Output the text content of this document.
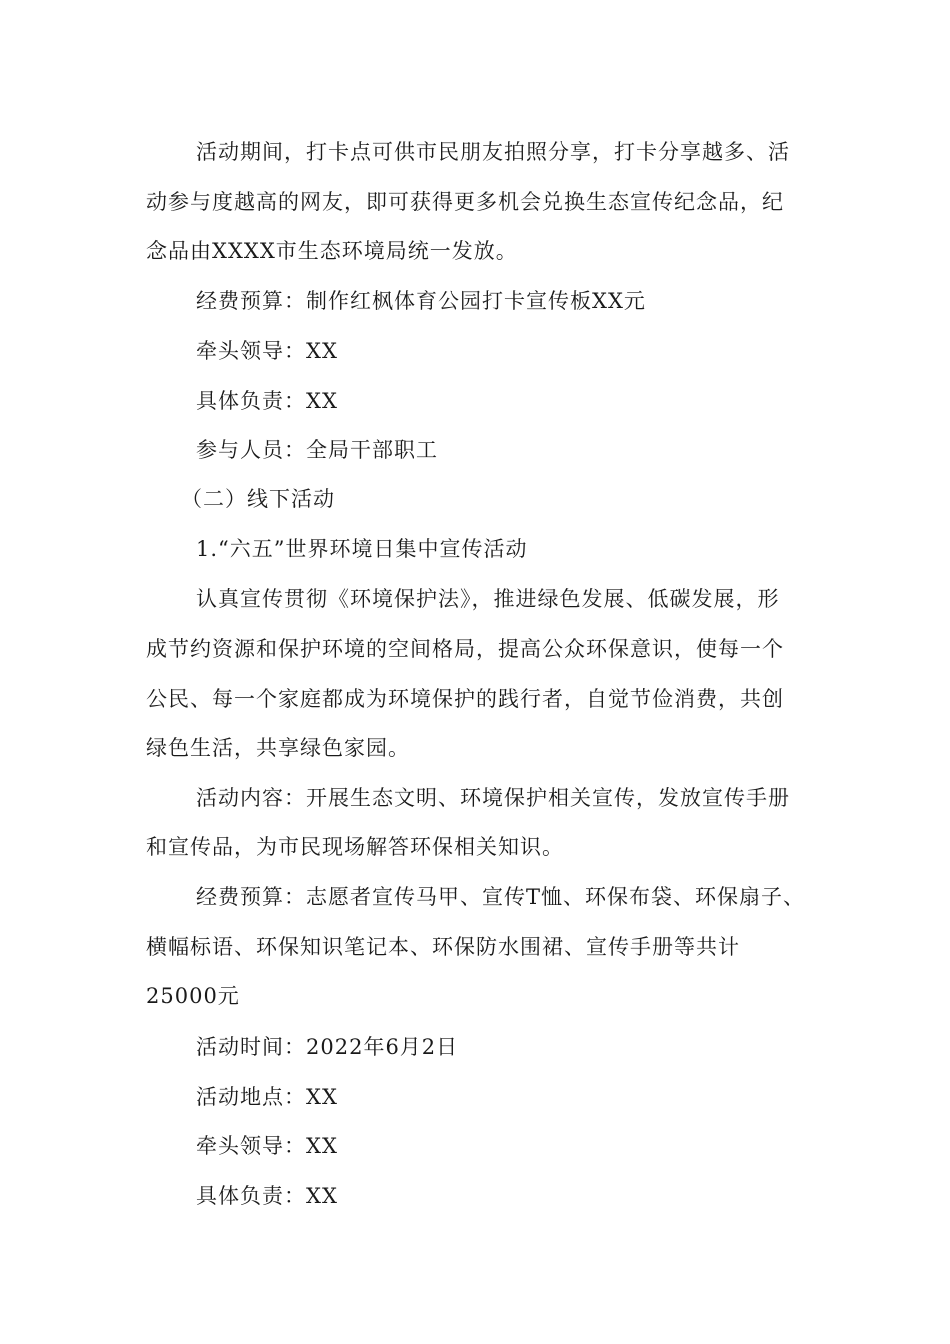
活动期间，打卡点可供市民朋友拍照分享，打卡分享越多、活
动参与度越高的网友，即可获得更多机会兑换生态宣传纪念品，纪
念品由XXXX市生态环境局统一发放。
经费预算：制作红枫体育公园打卡宣传板XX元
牵头领导：XX
具体负责：XX
参与人员：全局干部职工
（二）线下活动
1.“六五”世界环境日集中宣传活动
认真宣传贯彻《环境保护法》，推进绿色发展、低碳发展，形
成节约资源和保护环境的空间格局，提高公众环保意识，使每一个
公民、每一个家庭都成为环境保护的践行者，自觉节俭消费，共创
绿色生活，共享绿色家园。
活动内容：开展生态文明、环境保护相关宣传，发放宣传手册
和宣传品，为市民现场解答环保相关知识。
经费预算：志愿者宣传马甲、宣传T恤、环保布袋、环保扇子、
横幅标语、环保知识笔记本、环保防水围裙、宣传手册等共计
25000元
活动时间：2022年6月2日
活动地点：XX
牵头领导：XX
具体负责：XX
